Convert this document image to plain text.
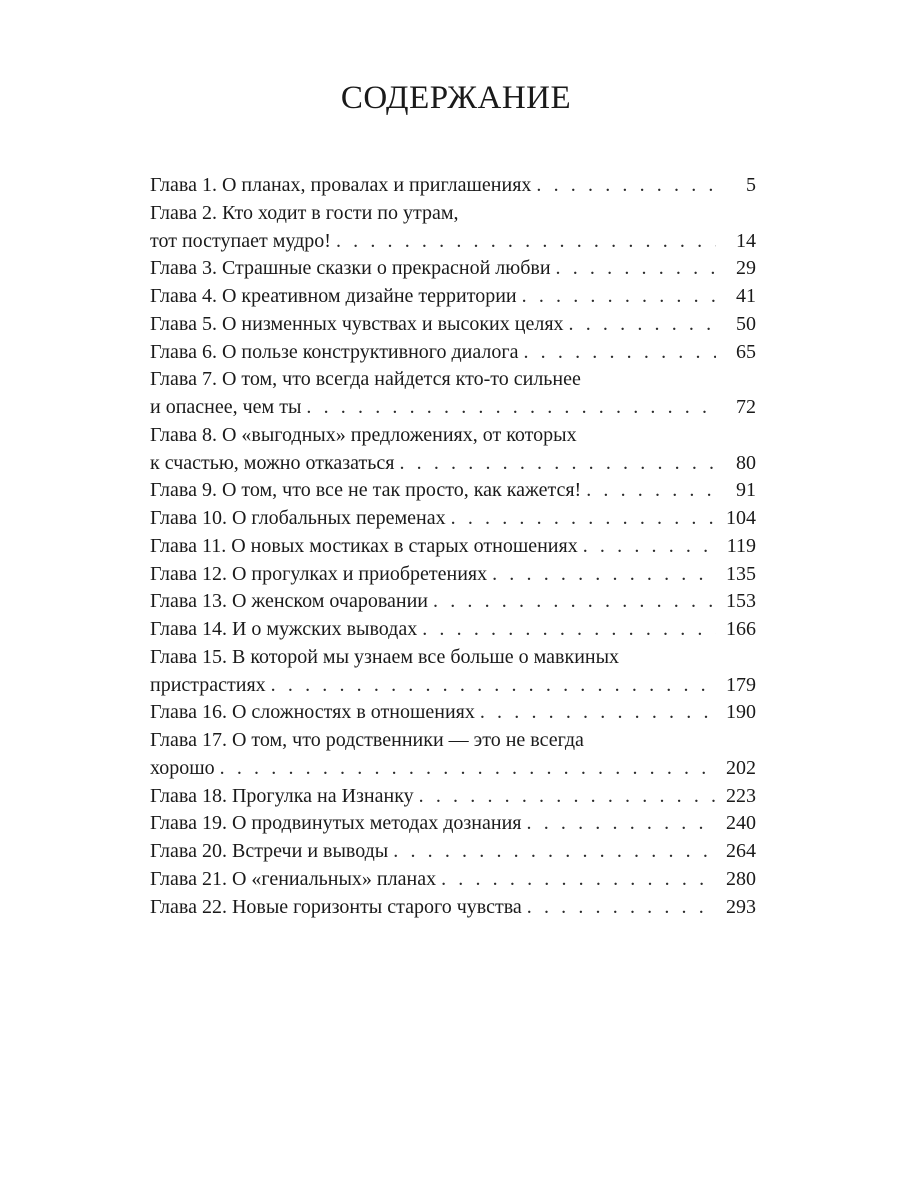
СОДЕРЖАНИЕ
Глава 1. О планах, провалах и приглашениях . . .	5
Глава 2. Кто ходит в гости по утрам,
тот поступает мудро! . . .	14
Глава 3. Страшные сказки о прекрасной любви . . .	29
Глава 4. О креативном дизайне территории . . .	41
Глава 5. О низменных чувствах и высоких целях . . .	50
Глава 6. О пользе конструктивного диалога . . .	65
Глава 7. О том, что всегда найдется кто-то сильнее
и опаснее, чем ты . . .	72
Глава 8. О «выгодных» предложениях, от которых
к счастью, можно отказаться . . .	80
Глава 9. О том, что все не так просто, как кажется! . . .	91
Глава 10. О глобальных переменах . . .	104
Глава 11. О новых мостиках в старых отношениях . . .	119
Глава 12. О прогулках и приобретениях . . .	135
Глава 13. О женском очаровании . . .	153
Глава 14. И о мужских выводах . . .	166
Глава 15. В которой мы узнаем все больше о мавкиных
пристрастиях . . .	179
Глава 16. О сложностях в отношениях . . .	190
Глава 17. О том, что родственники — это не всегда
хорошо . . .	202
Глава 18. Прогулка на Изнанку . . .	223
Глава 19. О продвинутых методах дознания . . .	240
Глава 20. Встречи и выводы . . .	264
Глава 21. О «гениальных» планах . . .	280
Глава 22. Новые горизонты старого чувства . . .	293
